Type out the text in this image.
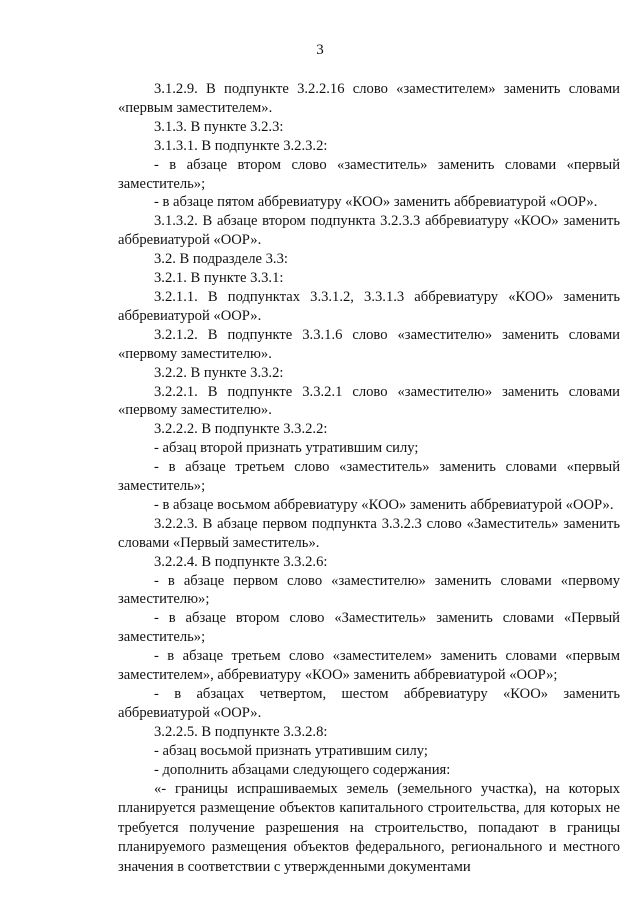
3

3.1.2.9. В подпункте 3.2.2.16 слово «заместителем» заменить словами «первым заместителем».

3.1.3. В пункте 3.2.3:

3.1.3.1. В подпункте 3.2.3.2:

- в абзаце втором слово «заместитель» заменить словами «первый заместитель»;

- в абзаце пятом аббревиатуру «КОО» заменить аббревиатурой «ООР».

3.1.3.2. В абзаце втором подпункта 3.2.3.3 аббревиатуру «КОО» заменить аббревиатурой «ООР».

3.2. В подразделе 3.3:

3.2.1. В пункте 3.3.1:

3.2.1.1. В подпунктах 3.3.1.2, 3.3.1.3 аббревиатуру «КОО» заменить аббревиатурой «ООР».

3.2.1.2. В подпункте 3.3.1.6 слово «заместителю» заменить словами «первому заместителю».

3.2.2. В пункте 3.3.2:

3.2.2.1. В подпункте 3.3.2.1 слово «заместителю» заменить словами «первому заместителю».

3.2.2.2. В подпункте 3.3.2.2:

- абзац второй признать утратившим силу;

- в абзаце третьем слово «заместитель» заменить словами «первый заместитель»;

- в абзаце восьмом аббревиатуру «КОО» заменить аббревиатурой «ООР».

3.2.2.3. В абзаце первом подпункта 3.3.2.3 слово «Заместитель» заменить словами «Первый заместитель».

3.2.2.4. В подпункте 3.3.2.6:

- в абзаце первом слово «заместителю» заменить словами «первому заместителю»;

- в абзаце втором слово «Заместитель» заменить словами «Первый заместитель»;

- в абзаце третьем слово «заместителем» заменить словами «первым заместителем», аббревиатуру «КОО» заменить аббревиатурой «ООР»;

- в абзацах четвертом, шестом аббревиатуру «КОО» заменить аббревиатурой «ООР».

3.2.2.5. В подпункте 3.3.2.8:

- абзац восьмой признать утратившим силу;

- дополнить абзацами следующего содержания:

«- границы испрашиваемых земель (земельного участка), на которых планируется размещение объектов капитального строительства, для которых не требуется получение разрешения на строительство, попадают в границы планируемого размещения объектов федерального, регионального и местного значения в соответствии с утвержденными документами
